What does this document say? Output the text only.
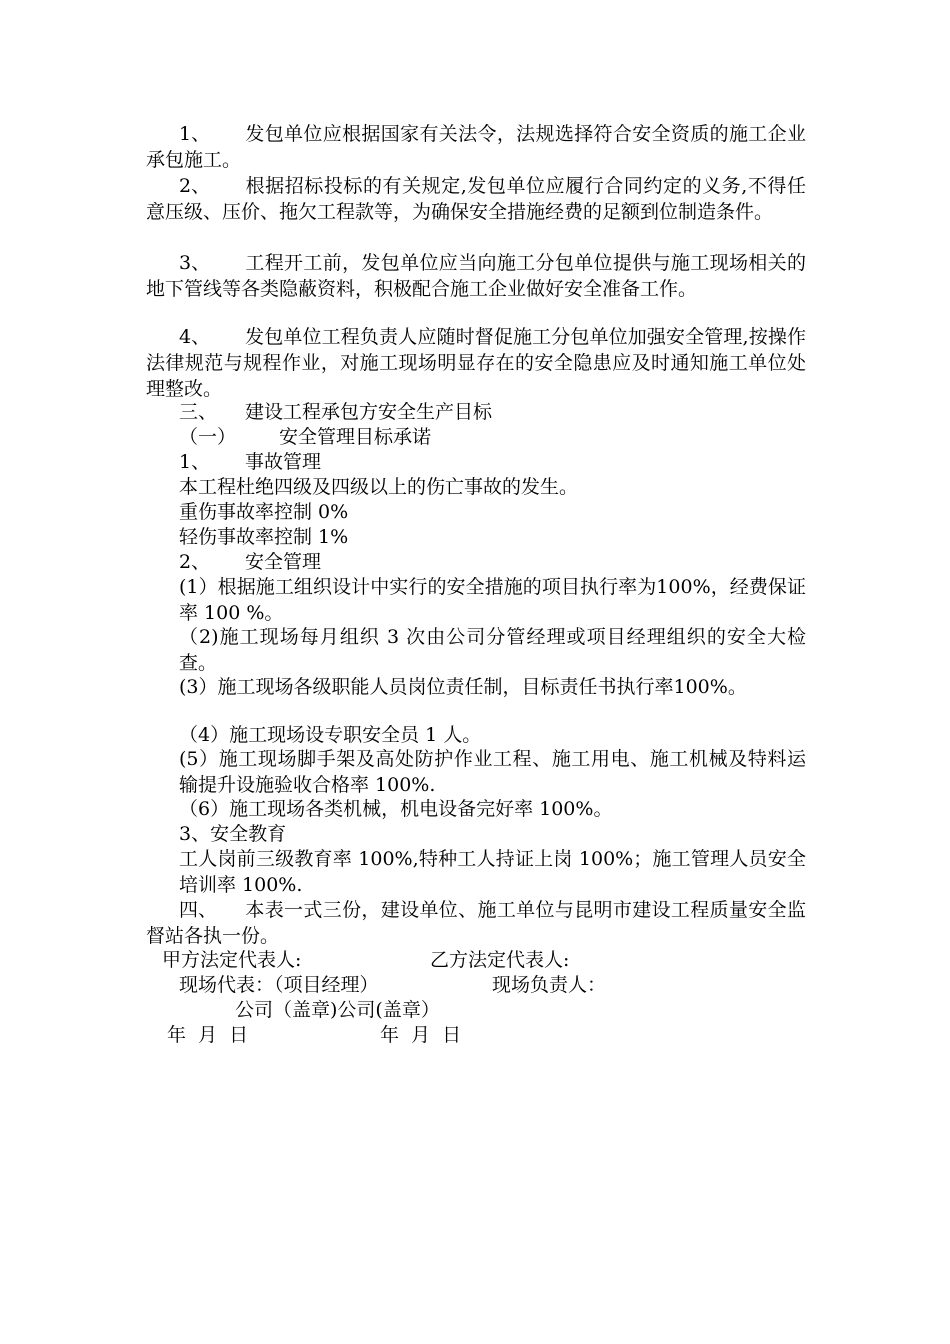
1、 发包单位应根据国家有关法令，法规选择符合安全资质的施工企业承包施工。

2、 根据招标投标的有关规定,发包单位应履行合同约定的义务,不得任意压级、压价、拖欠工程款等，为确保安全措施经费的足额到位制造条件。

3、 工程开工前，发包单位应当向施工分包单位提供与施工现场相关的地下管线等各类隐蔽资料，积极配合施工企业做好安全准备工作。

4、 发包单位工程负责人应随时督促施工分包单位加强安全管理,按操作法律规范与规程作业，对施工现场明显存在的安全隐患应及时通知施工单位处理整改。

三、 建设工程承包方安全生产目标

（一） 安全管理目标承诺

1、 事故管理

本工程杜绝四级及四级以上的伤亡事故的发生。

重伤事故率控制 0%

轻伤事故率控制 1%

2、 安全管理

(1）根据施工组织设计中实行的安全措施的项目执行率为100%，经费保证率 100 %。

（2)施工现场每月组织 3 次由公司分管经理或项目经理组织的安全大检查。

(3）施工现场各级职能人员岗位责任制，目标责任书执行率100%。

（4）施工现场设专职安全员 1 人。

(5）施工现场脚手架及高处防护作业工程、施工用电、施工机械及特料运输提升设施验收合格率 100%.

（6）施工现场各类机械，机电设备完好率 100%。

3、安全教育

工人岗前三级教育率 100%,特种工人持证上岗 100%；施工管理人员安全培训率 100%.

四、 本表一式三份，建设单位、施工单位与昆明市建设工程质量安全监督站各执一份。

甲方法定代表人:	乙方法定代表人:

现场代表：（项目经理）	现场负责人：

公司（盖章)公司(盖章）

年  月  日	年  月  日
